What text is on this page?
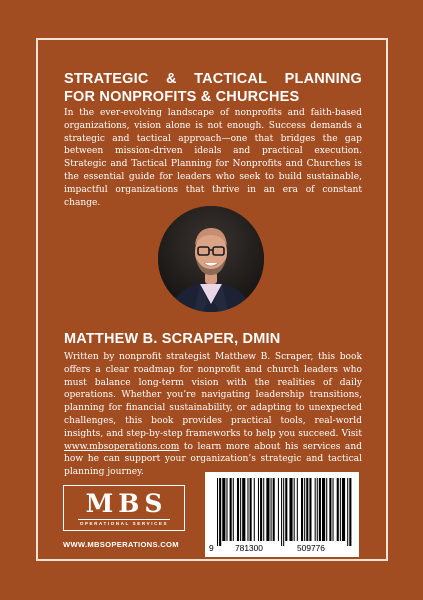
STRATEGIC & TACTICAL PLANNING
FOR NONPROFITS & CHURCHES
In the ever-evolving landscape of nonprofits and faith-based organizations, vision alone is not enough. Success demands a strategic and tactical approach—one that bridges the gap between mission-driven ideals and practical execution. Strategic and Tactical Planning for Nonprofits and Churches is the essential guide for leaders who seek to build sustainable, impactful organizations that thrive in an era of constant change.
MATTHEW B. SCRAPER, DMIN
Written by nonprofit strategist Matthew B. Scraper, this book offers a clear roadmap for nonprofit and church leaders who must balance long-term vision with the realities of daily operations. Whether you’re navigating leadership transitions, planning for financial sustainability, or adapting to unexpected challenges, this book provides practical tools, real-world insights, and step-by-step frameworks to help you succeed. Visit www.mbsoperations.com to learn more about his services and how he can support your organization’s strategic and tactical planning journey.
MBS
OPERATIONAL SERVICES
WWW.MBSOPERATIONS.COM	9	781300	509776
